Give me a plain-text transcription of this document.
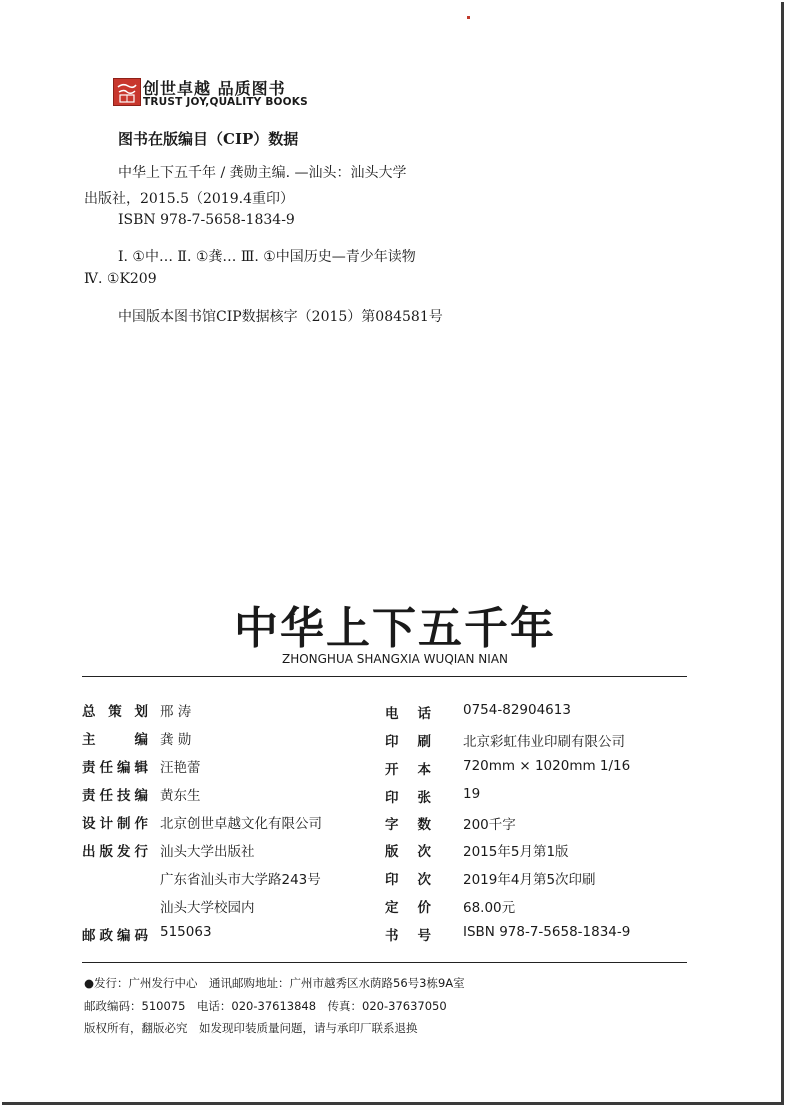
创世卓越 品质图书
TRUST JOY,QUALITY BOOKS
图书在版编目（CIP）数据
中华上下五千年 / 龚勋主编. —汕头：汕头大学
出版社，2015.5（2019.4重印）
ISBN 978-7-5658-1834-9
Ⅰ. ①中… Ⅱ. ①龚… Ⅲ. ①中国历史—青少年读物
Ⅳ. ①K209
中国版本图书馆CIP数据核字（2015）第084581号
中华上下五千年
ZHONGHUA SHANGXIA WUQIAN NIAN
总策划 邢 涛
主编 龚 勋
责任编辑 汪艳蕾
责任技编 黄东生
设计制作 北京创世卓越文化有限公司
出版发行 汕头大学出版社
广东省汕头市大学路243号
汕头大学校园内
邮政编码 515063
电话 0754-82904613
印刷 北京彩虹伟业印刷有限公司
开本 720mm × 1020mm 1/16
印张 19
字数 200千字
版次 2015年5月第1版
印次 2019年4月第5次印刷
定价 68.00元
书号 ISBN 978-7-5658-1834-9
●发行：广州发行中心　通讯邮购地址：广州市越秀区水荫路56号3栋9A室
邮政编码：510075　电话：020-37613848　传真：020-37637050
版权所有，翻版必究　如发现印装质量问题，请与承印厂联系退换
